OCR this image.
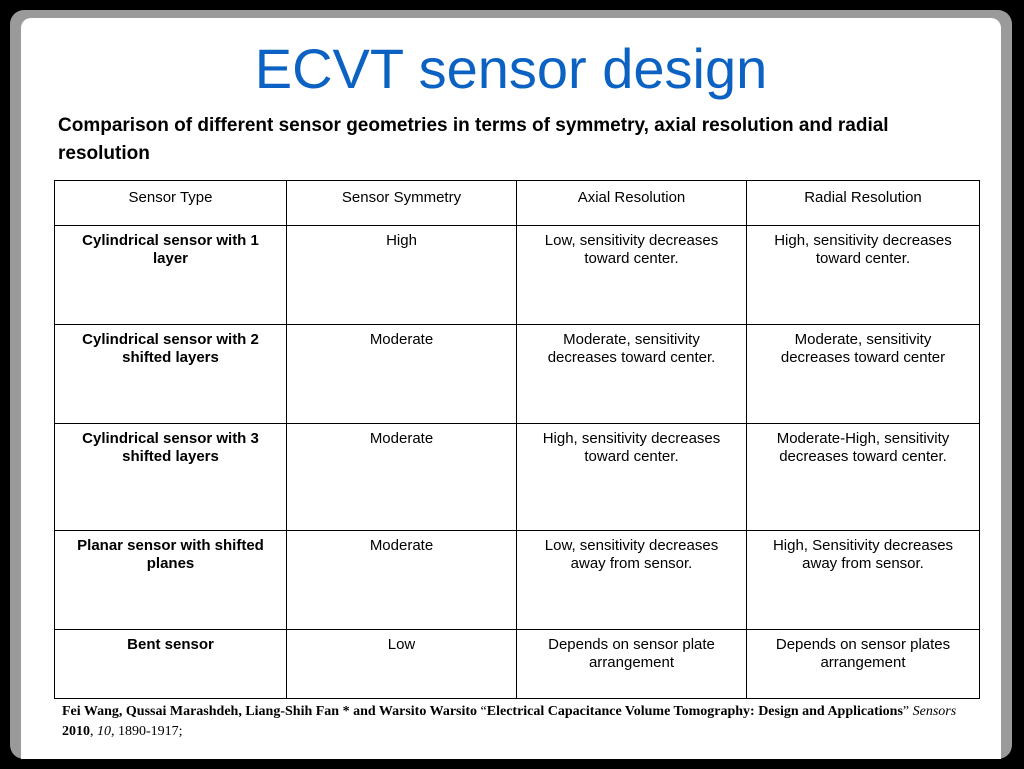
ECVT sensor design
Comparison of different sensor geometries in terms of symmetry, axial resolution and radial resolution
Sensor Type	Sensor Symmetry	Axial Resolution	Radial Resolution
Cylindrical sensor with 1 layer	High	Low, sensitivity decreases toward center.	High, sensitivity decreases toward center.
Cylindrical sensor with 2 shifted layers	Moderate	Moderate, sensitivity decreases toward center.	Moderate, sensitivity decreases toward center
Cylindrical sensor with 3 shifted layers	Moderate	High, sensitivity decreases toward center.	Moderate-High, sensitivity decreases toward center.
Planar sensor with shifted planes	Moderate	Low, sensitivity decreases away from sensor.	High, Sensitivity decreases away from sensor.
Bent sensor	Low	Depends on sensor plate arrangement	Depends on sensor plates arrangement
Fei Wang, Qussai Marashdeh, Liang-Shih Fan * and Warsito Warsito “Electrical Capacitance Volume Tomography: Design and Applications” Sensors 2010, 10, 1890-1917;
